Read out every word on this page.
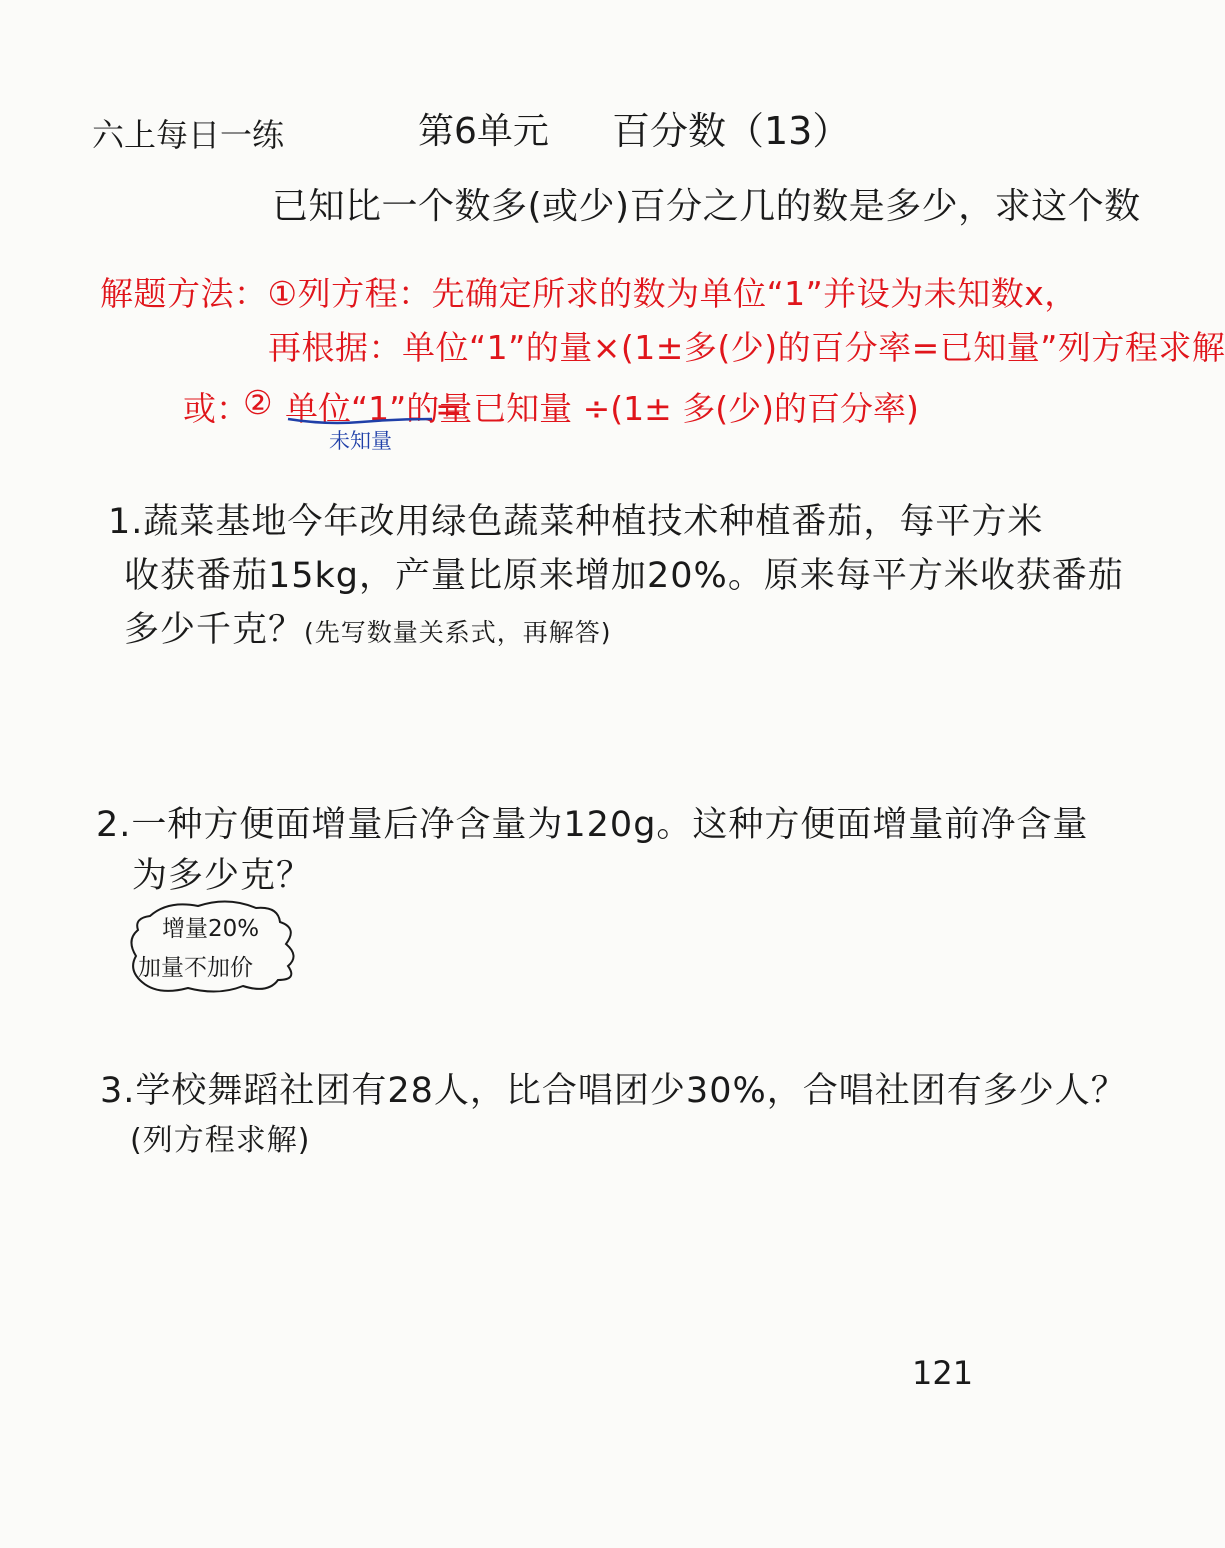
六上每日一练	第6单元 百分数（13）
已知比一个数多(或少)百分之几的数是多少，求这个数
解题方法：①列方程：先确定所求的数为单位“1”并设为未知数x，
再根据：单位“1”的量×(1±多(少)的百分率=已知量”列方程求解
或：
② 单位“1”的量
= 已知量 ÷(1± 多(少)的百分率)
未知量
1.蔬菜基地今年改用绿色蔬菜种植技术种植番茄，每平方米
收获番茄15kg，产量比原来增加20%。原来每平方米收获番茄
多少千克？(先写数量关系式，再解答)
2.一种方便面增量后净含量为120g。这种方便面增量前净含量
为多少克？
增量20%
加量不加价
3.学校舞蹈社团有28人，比合唱团少30%，合唱社团有多少人？
(列方程求解)
121
